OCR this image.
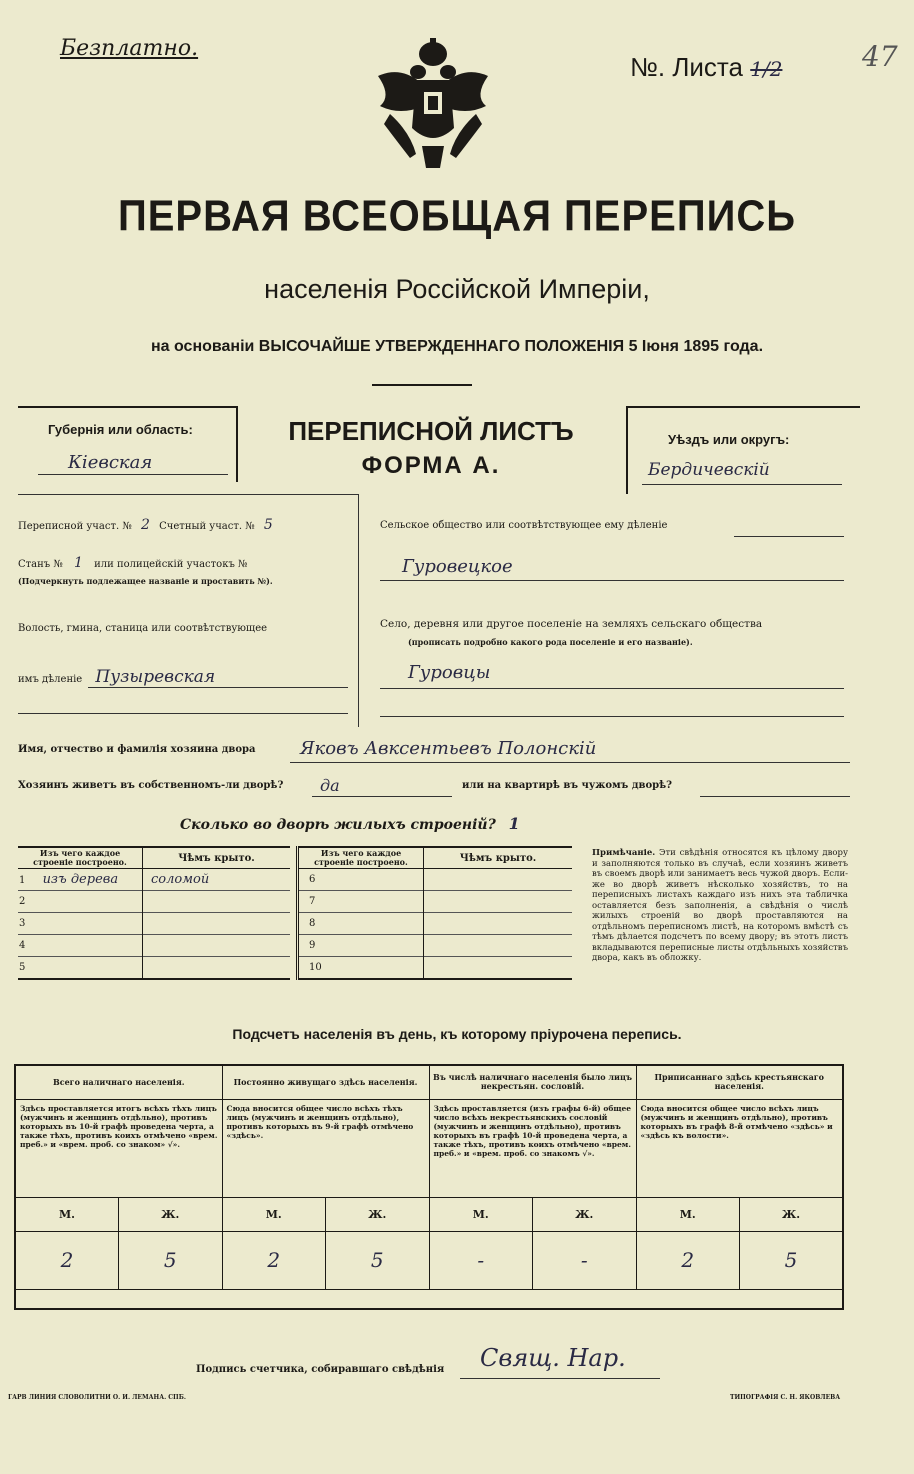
Безплатно.
№. Листа 1/2	47
ПЕРВАЯ ВСЕОБЩАЯ ПЕРЕПИСЬ
населенія Россійской Имперіи,
на основаніи ВЫСОЧАЙШЕ УТВЕРЖДЕННАГО ПОЛОЖЕНІЯ 5 Іюня 1895 года.
Губернія или область:
Кіевская
ПЕРЕПИСНОЙ ЛИСТЪ
ФОРМА А.
Уѣздъ или округъ:
Бердичевскій
Переписной участ. № 2 Счетный участ. № 5
Станъ № 1 или полицейскій участокъ №
(Подчеркнуть подлежащее названіе и проставить №).
Волость, гмина, станица или соотвѣтствующее
имъ дѣленіе Пузыревская
Сельское общество или соотвѣтствующее ему дѣленіе
Гуровецкое
Село, деревня или другое поселеніе на земляхъ сельскаго общества
(прописать подробно какого рода поселеніе и его названіе).
Гуровцы
Имя, отчество и фамилія хозяина двора Яковъ Авксентьевъ Полонскій
Хозяинъ живетъ въ собственномъ-ли дворѣ? да	или на квартирѣ въ чужомъ дворѣ?
Сколько во дворѣ жилыхъ строеній? 1
Изъ чего каждое строеніе построено.	Чѣмъ крыто.
1 изъ дерева	соломой
2	
3	
4	
5	
Изъ чего каждое строеніе построено.	Чѣмъ крыто.
6	
7	
8	
9	
10	
Примѣчаніе. Эти свѣдѣнія относятся къ цѣлому двору и заполняются только въ случаѣ, если хозяинъ живетъ въ своемъ дворѣ или занимаетъ весь чужой дворъ. Если-же во дворѣ живетъ нѣсколько хозяйствъ, то на переписныхъ листахъ каждаго изъ нихъ эта табличка оставляется безъ заполненія, а свѣдѣнія о числѣ жилыхъ строеній во дворѣ проставляются на отдѣльномъ переписномъ листѣ, на которомъ вмѣстѣ съ тѣмъ дѣлается подсчетъ по всему двору; въ этотъ листъ вкладываются переписные листы отдѣльныхъ хозяйствъ двора, какъ въ обложку.
Подсчетъ населенія въ день, къ которому пріурочена перепись.
Всего наличнаго населенія.		Постоянно живущаго здѣсь населенія.		Въ числѣ наличнаго населенія было лицъ некрестьян. сословій.		Приписаннаго здѣсь крестьянскаго населенія.	
Здѣсь проставляется итогъ всѣхъ тѣхъ лицъ (мужчинъ и женщинъ отдѣльно), противъ которыхъ въ 10-й графѣ проведена черта, а также тѣхъ, противъ коихъ отмѣчено «врем. преб.» и «врем. проб. со знаком» √».		Сюда вносится общее число всѣхъ тѣхъ лицъ (мужчинъ и женщинъ отдѣльно), противъ которыхъ въ 9-й графѣ отмѣчено «здѣсь».		Здѣсь проставляется (изъ графы 6-й) общее число всѣхъ некрестьянскихъ сословій (мужчинъ и женщинъ отдѣльно), противъ которыхъ въ графѣ 10-й проведена черта, а также тѣхъ, противъ коихъ отмѣчено «врем. преб.» и «врем. проб. со знакомъ √».		Сюда вносится общее число всѣхъ лицъ (мужчинъ и женщинъ отдѣльно), противъ которыхъ въ графѣ 8-й отмѣчено «здѣсь» и «здѣсь къ волости».	
М.	Ж.	М.	Ж.	М.	Ж.	М.	Ж.
2	5	2	5	-	-	2	5

Подпись счетчика, собиравшаго свѣдѣнія Свящ. Нар.
ГАРВ ЛИНИЯ СЛОВОЛИТНИ О. И. ЛЕМАНА. СПБ.	ТИПОГРАФІЯ С. Н. ЯКОВЛЕВА
